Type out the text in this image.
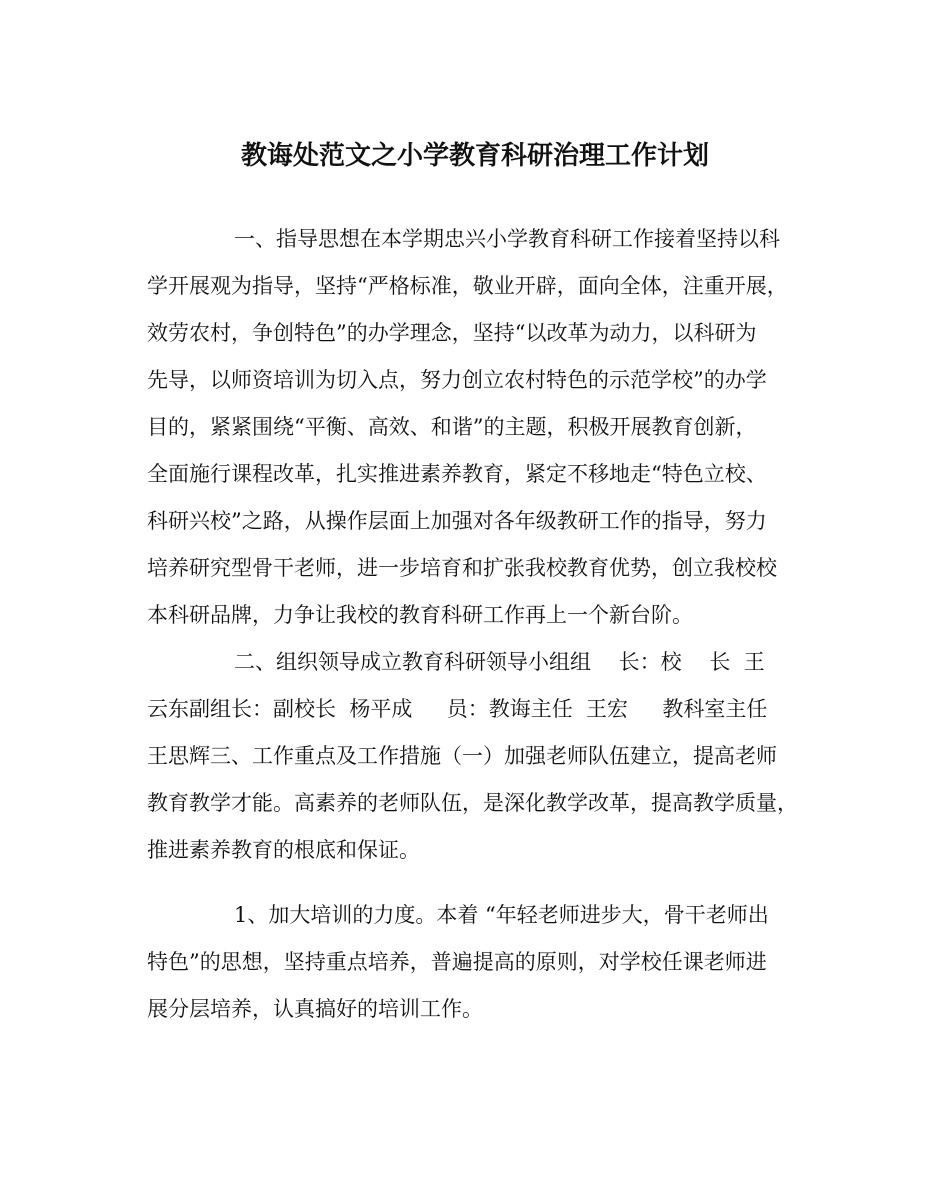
教诲处范文之小学教育科研治理工作计划

一、指导思想在本学期忠兴小学教育科研工作接着坚持以科

学开展观为指导，坚持“严格标准，敬业开辟，面向全体，注重开展，

效劳农村，争创特色”的办学理念，坚持“以改革为动力，以科研为

先导，以师资培训为切入点，努力创立农村特色的示范学校”的办学

目的，紧紧围绕“平衡、高效、和谐”的主题，积极开展教育创新，

全面施行课程改革，扎实推进素养教育，紧定不移地走“特色立校、

科研兴校”之路，从操作层面上加强对各年级教研工作的指导，努力

培养研究型骨干老师，进一步培育和扩张我校教育优势，创立我校校

本科研品牌，力争让我校的教育科研工作再上一个新台阶。

二、组织领导成立教育科研领导小组组　 长：校　 长  王

云东副组长：副校长  杨平成　  员：教诲主任  王宏　  教科室主任

王思辉三、工作重点及工作措施（一）加强老师队伍建立，提高老师

教育教学才能。高素养的老师队伍，是深化教学改革，提高教学质量，

推进素养教育的根底和保证。

1、加大培训的力度。本着 “年轻老师进步大，骨干老师出

特色”的思想，坚持重点培养，普遍提高的原则，对学校任课老师进

展分层培养，认真搞好的培训工作。
